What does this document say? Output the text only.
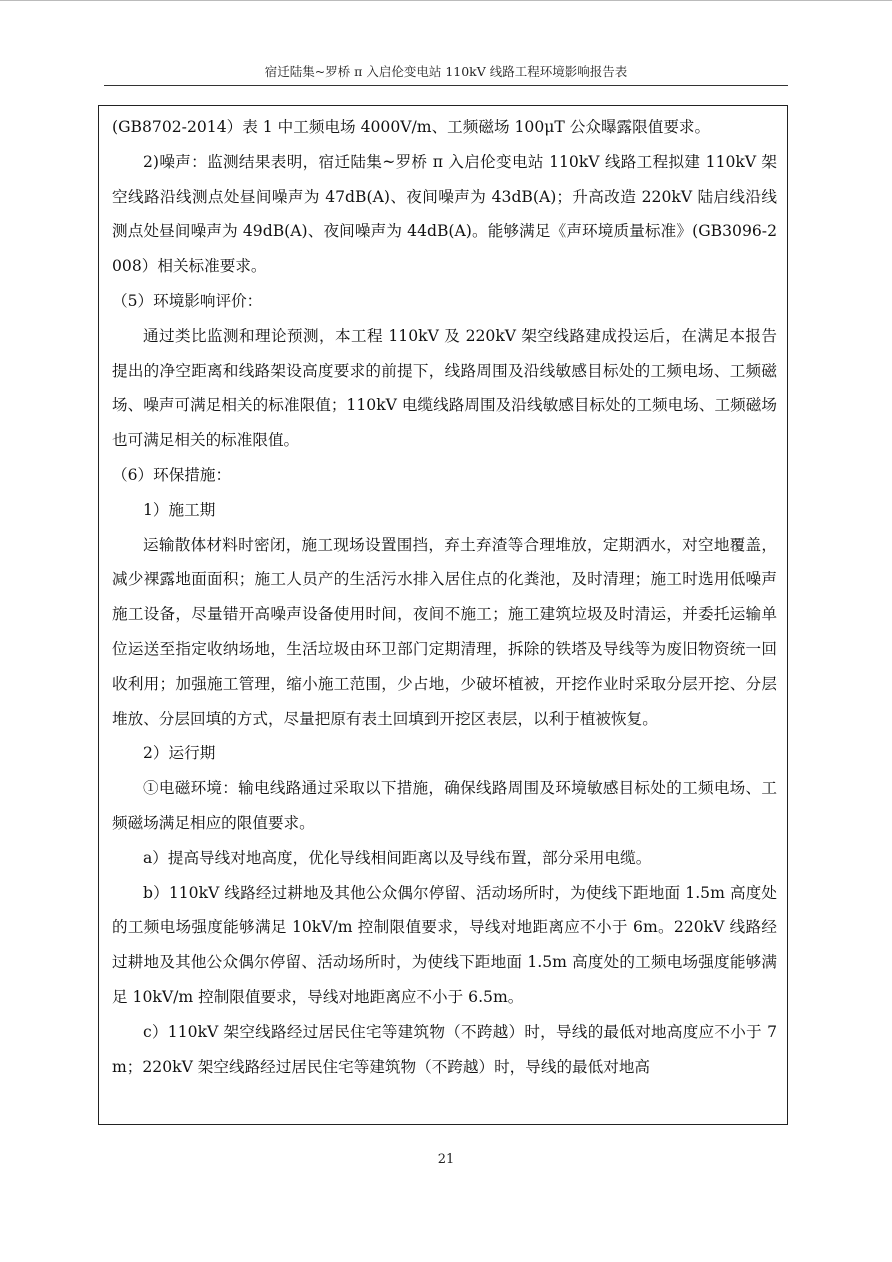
宿迁陆集~罗桥 π 入启伦变电站 110kV 线路工程环境影响报告表

(GB8702-2014）表 1 中工频电场 4000V/m、工频磁场 100μT 公众曝露限值要求。

2)噪声：监测结果表明，宿迁陆集~罗桥 π 入启伦变电站 110kV 线路工程拟建 110kV 架空线路沿线测点处昼间噪声为 47dB(A)、夜间噪声为 43dB(A)；升高改造 220kV 陆启线沿线测点处昼间噪声为 49dB(A)、夜间噪声为 44dB(A)。能够满足《声环境质量标准》(GB3096-2008）相关标准要求。

（5）环境影响评价：

通过类比监测和理论预测，本工程 110kV 及 220kV 架空线路建成投运后，在满足本报告提出的净空距离和线路架设高度要求的前提下，线路周围及沿线敏感目标处的工频电场、工频磁场、噪声可满足相关的标准限值；110kV 电缆线路周围及沿线敏感目标处的工频电场、工频磁场也可满足相关的标准限值。

（6）环保措施：

1）施工期

运输散体材料时密闭，施工现场设置围挡，弃土弃渣等合理堆放，定期洒水，对空地覆盖，减少裸露地面面积；施工人员产的生活污水排入居住点的化粪池，及时清理；施工时选用低噪声施工设备，尽量错开高噪声设备使用时间，夜间不施工；施工建筑垃圾及时清运，并委托运输单位运送至指定收纳场地，生活垃圾由环卫部门定期清理，拆除的铁塔及导线等为废旧物资统一回收利用；加强施工管理，缩小施工范围，少占地，少破坏植被，开挖作业时采取分层开挖、分层堆放、分层回填的方式，尽量把原有表土回填到开挖区表层，以利于植被恢复。

2）运行期

①电磁环境：输电线路通过采取以下措施，确保线路周围及环境敏感目标处的工频电场、工频磁场满足相应的限值要求。

a）提高导线对地高度，优化导线相间距离以及导线布置，部分采用电缆。

b）110kV 线路经过耕地及其他公众偶尔停留、活动场所时，为使线下距地面 1.5m 高度处的工频电场强度能够满足 10kV/m 控制限值要求，导线对地距离应不小于 6m。220kV 线路经过耕地及其他公众偶尔停留、活动场所时，为使线下距地面 1.5m 高度处的工频电场强度能够满足 10kV/m 控制限值要求，导线对地距离应不小于 6.5m。

c）110kV 架空线路经过居民住宅等建筑物（不跨越）时，导线的最低对地高度应不小于 7m；220kV 架空线路经过居民住宅等建筑物（不跨越）时，导线的最低对地高

21
